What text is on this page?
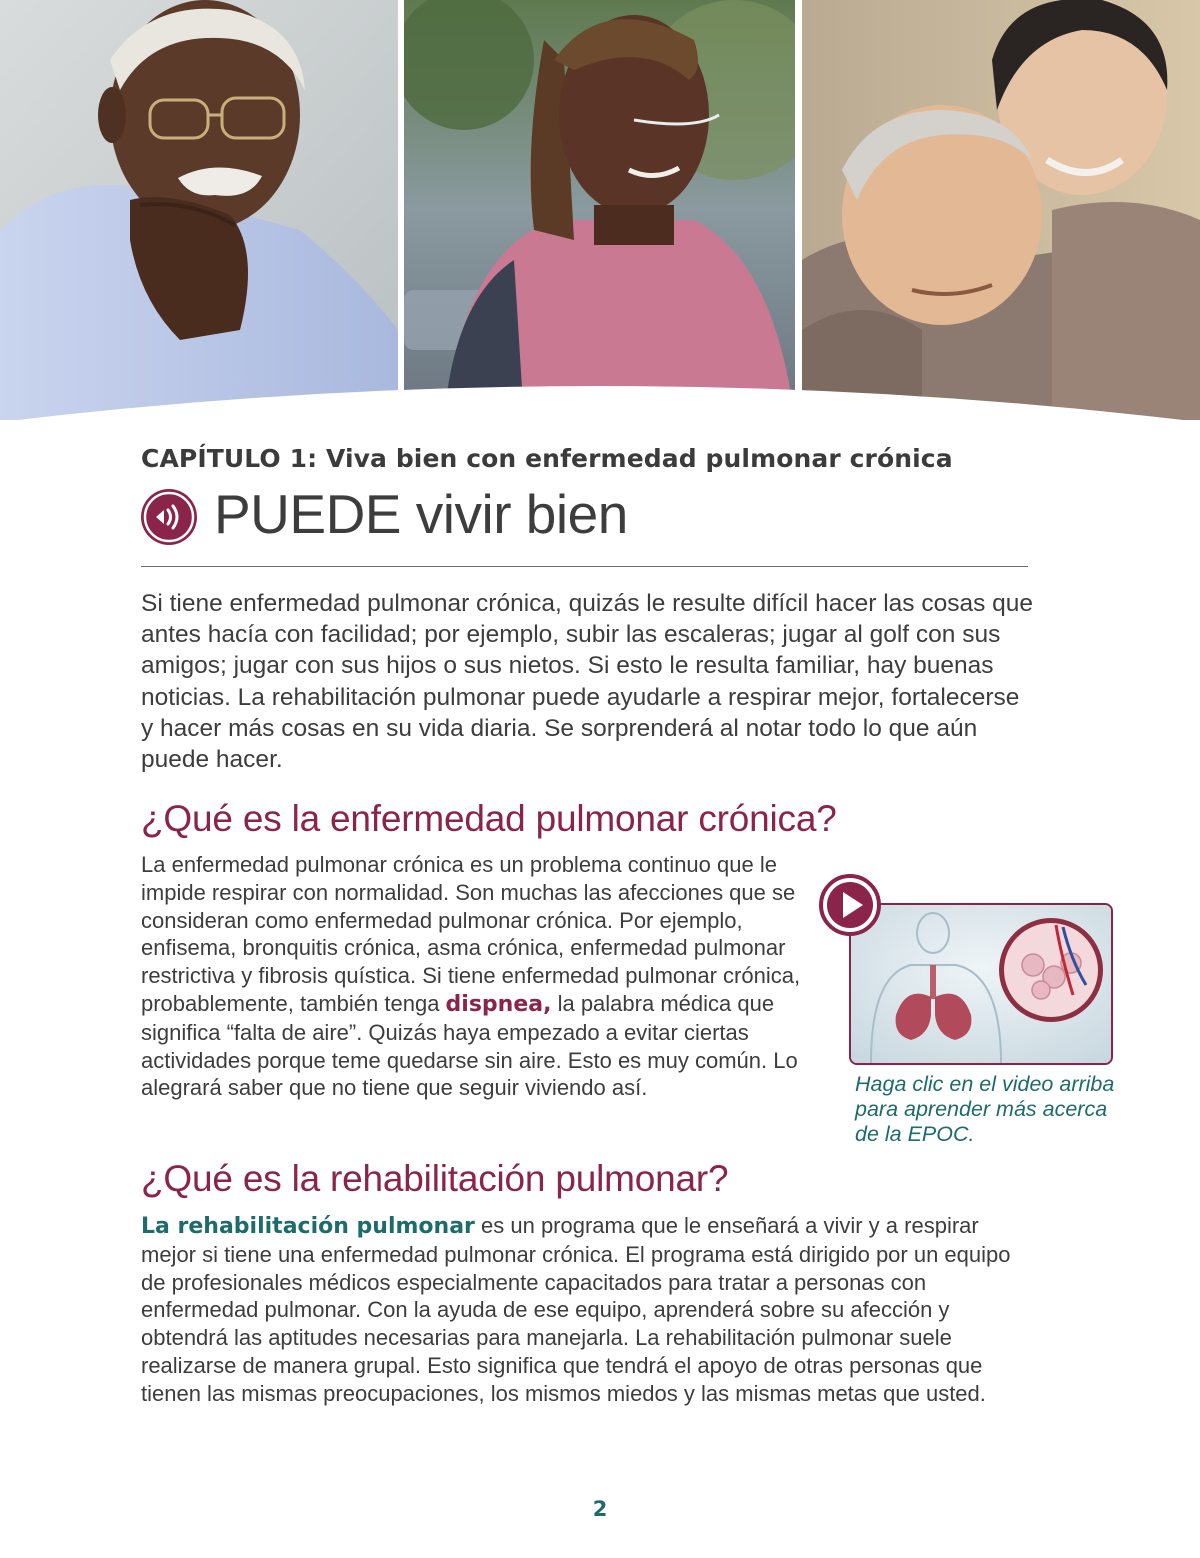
CAPÍTULO 1: Viva bien con enfermedad pulmonar crónica
PUEDE vivir bien

Si tiene enfermedad pulmonar crónica, quizás le resulte difícil hacer las cosas que antes hacía con facilidad; por ejemplo, subir las escaleras; jugar al golf con sus amigos; jugar con sus hijos o sus nietos. Si esto le resulta familiar, hay buenas noticias. La rehabilitación pulmonar puede ayudarle a respirar mejor, fortalecerse y hacer más cosas en su vida diaria. Se sorprenderá al notar todo lo que aún puede hacer.

¿Qué es la enfermedad pulmonar crónica?

La enfermedad pulmonar crónica es un problema continuo que le impide respirar con normalidad. Son muchas las afecciones que se consideran como enfermedad pulmonar crónica. Por ejemplo, enfisema, bronquitis crónica, asma crónica, enfermedad pulmonar restrictiva y fibrosis quística. Si tiene enfermedad pulmonar crónica, probablemente, también tenga dispnea, la palabra médica que significa “falta de aire”. Quizás haya empezado a evitar ciertas actividades porque teme quedarse sin aire. Esto es muy común. Lo alegrará saber que no tiene que seguir viviendo así.	Haga clic en el video arriba para aprender más acerca de la EPOC.

¿Qué es la rehabilitación pulmonar?

La rehabilitación pulmonar es un programa que le enseñará a vivir y a respirar mejor si tiene una enfermedad pulmonar crónica. El programa está dirigido por un equipo de profesionales médicos especialmente capacitados para tratar a personas con enfermedad pulmonar. Con la ayuda de ese equipo, aprenderá sobre su afección y obtendrá las aptitudes necesarias para manejarla. La rehabilitación pulmonar suele realizarse de manera grupal. Esto significa que tendrá el apoyo de otras personas que tienen las mismas preocupaciones, los mismos miedos y las mismas metas que usted.

2
